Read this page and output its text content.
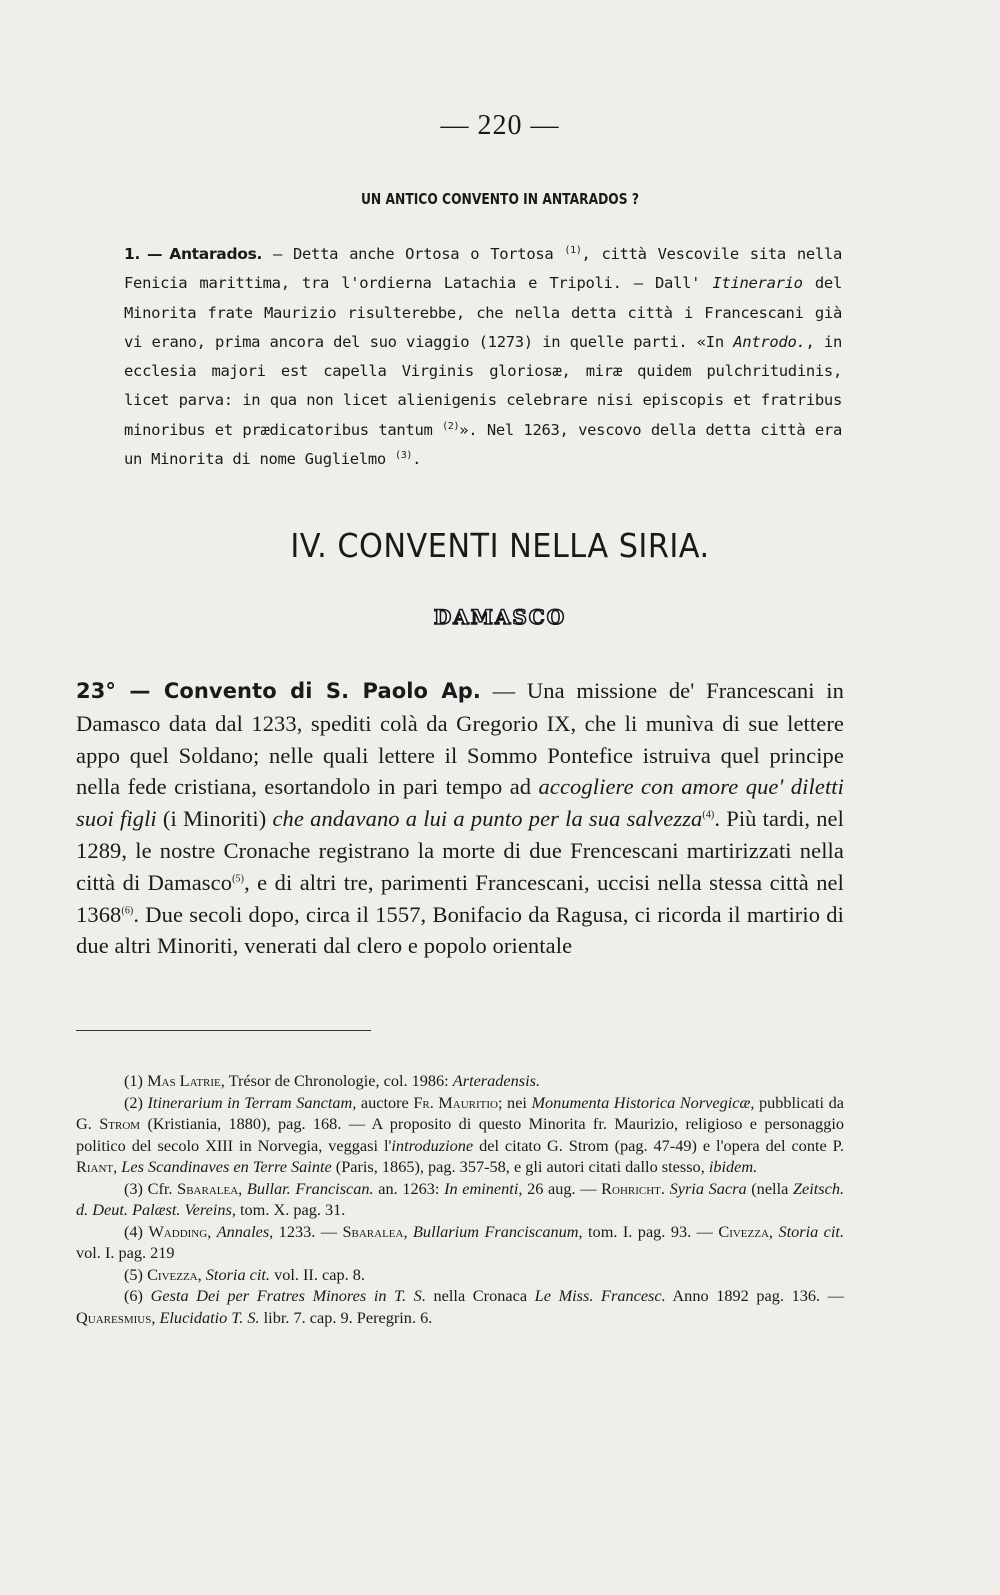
— 220 —
UN ANTICO CONVENTO IN ANTARADOS ?
1. — Antarados. — Detta anche Ortosa o Tortosa $^{(1)}$, città Vescovile sita nella Fenicia marittima, tra l'ordierna Latachia e Tripoli. — Dall' Itinerario del Minorita frate Maurizio risulterebbe, che nella detta città i Francescani già vi erano, prima ancora del suo viaggio (1273) in quelle parti. «In Antrodo., in ecclesia majori est capella Virginis gloriosæ, miræ quidem pulchritudinis, licet parva: in qua non licet alienigenis celebrare nisi episcopis et fratribus minoribus et prædicatoribus tantum $^{(2)}$». Nel 1263, vescovo della detta città era un Minorita di nome Guglielmo $^{(3)}$.
IV. CONVENTI NELLA SIRIA.
DAMASCO
23° — Convento di S. Paolo Ap. — Una missione de' Francescani in Damasco data dal 1233, spediti colà da Gregorio IX, che li munìva di sue lettere appo quel Soldano; nelle quali lettere il Sommo Pontefice istruiva quel principe nella fede cristiana, esortandolo in pari tempo ad accogliere con amore que' diletti suoi figli (i Minoriti) che andavano a lui a punto per la sua salvezza$^{(4)}$. Più tardi, nel 1289, le nostre Cronache registrano la morte di due Frencescani martirizzati nella città di Damasco$^{(5)}$, e di altri tre, parimenti Francescani, uccisi nella stessa città nel 1368$^{(6)}$. Due secoli dopo, circa il 1557, Bonifacio da Ragusa, ci ricorda il martirio di due altri Minoriti, venerati dal clero e popolo orientale

(1) Mas Latrie, Trésor de Chronologie, col. 1986: Arteradensis.

(2) Itinerarium in Terram Sanctam, auctore Fr. Mauritio; nei Monumenta Historica Norvegicæ, pubblicati da G. Strom (Kristiania, 1880), pag. 168. — A proposito di questo Minorita fr. Maurizio, religioso e personaggio politico del secolo XIII in Norvegia, veggasi l'introduzione del citato G. Strom (pag. 47-49) e l'opera del conte P. Riant, Les Scandinaves en Terre Sainte (Paris, 1865), pag. 357-58, e gli autori citati dallo stesso, ibidem.

(3) Cfr. Sbaralea, Bullar. Franciscan. an. 1263: In eminenti, 26 aug. — Rohricht. Syria Sacra (nella Zeitsch. d. Deut. Palæst. Vereins, tom. X. pag. 31.

(4) Wadding, Annales, 1233. — Sbaralea, Bullarium Franciscanum, tom. I. pag. 93. — Civezza, Storia cit. vol. I. pag. 219

(5) Civezza, Storia cit. vol. II. cap. 8.

(6) Gesta Dei per Fratres Minores in T. S. nella Cronaca Le Miss. Francesc. Anno 1892 pag. 136. — Quaresmius, Elucidatio T. S. libr. 7. cap. 9. Peregrin. 6.
